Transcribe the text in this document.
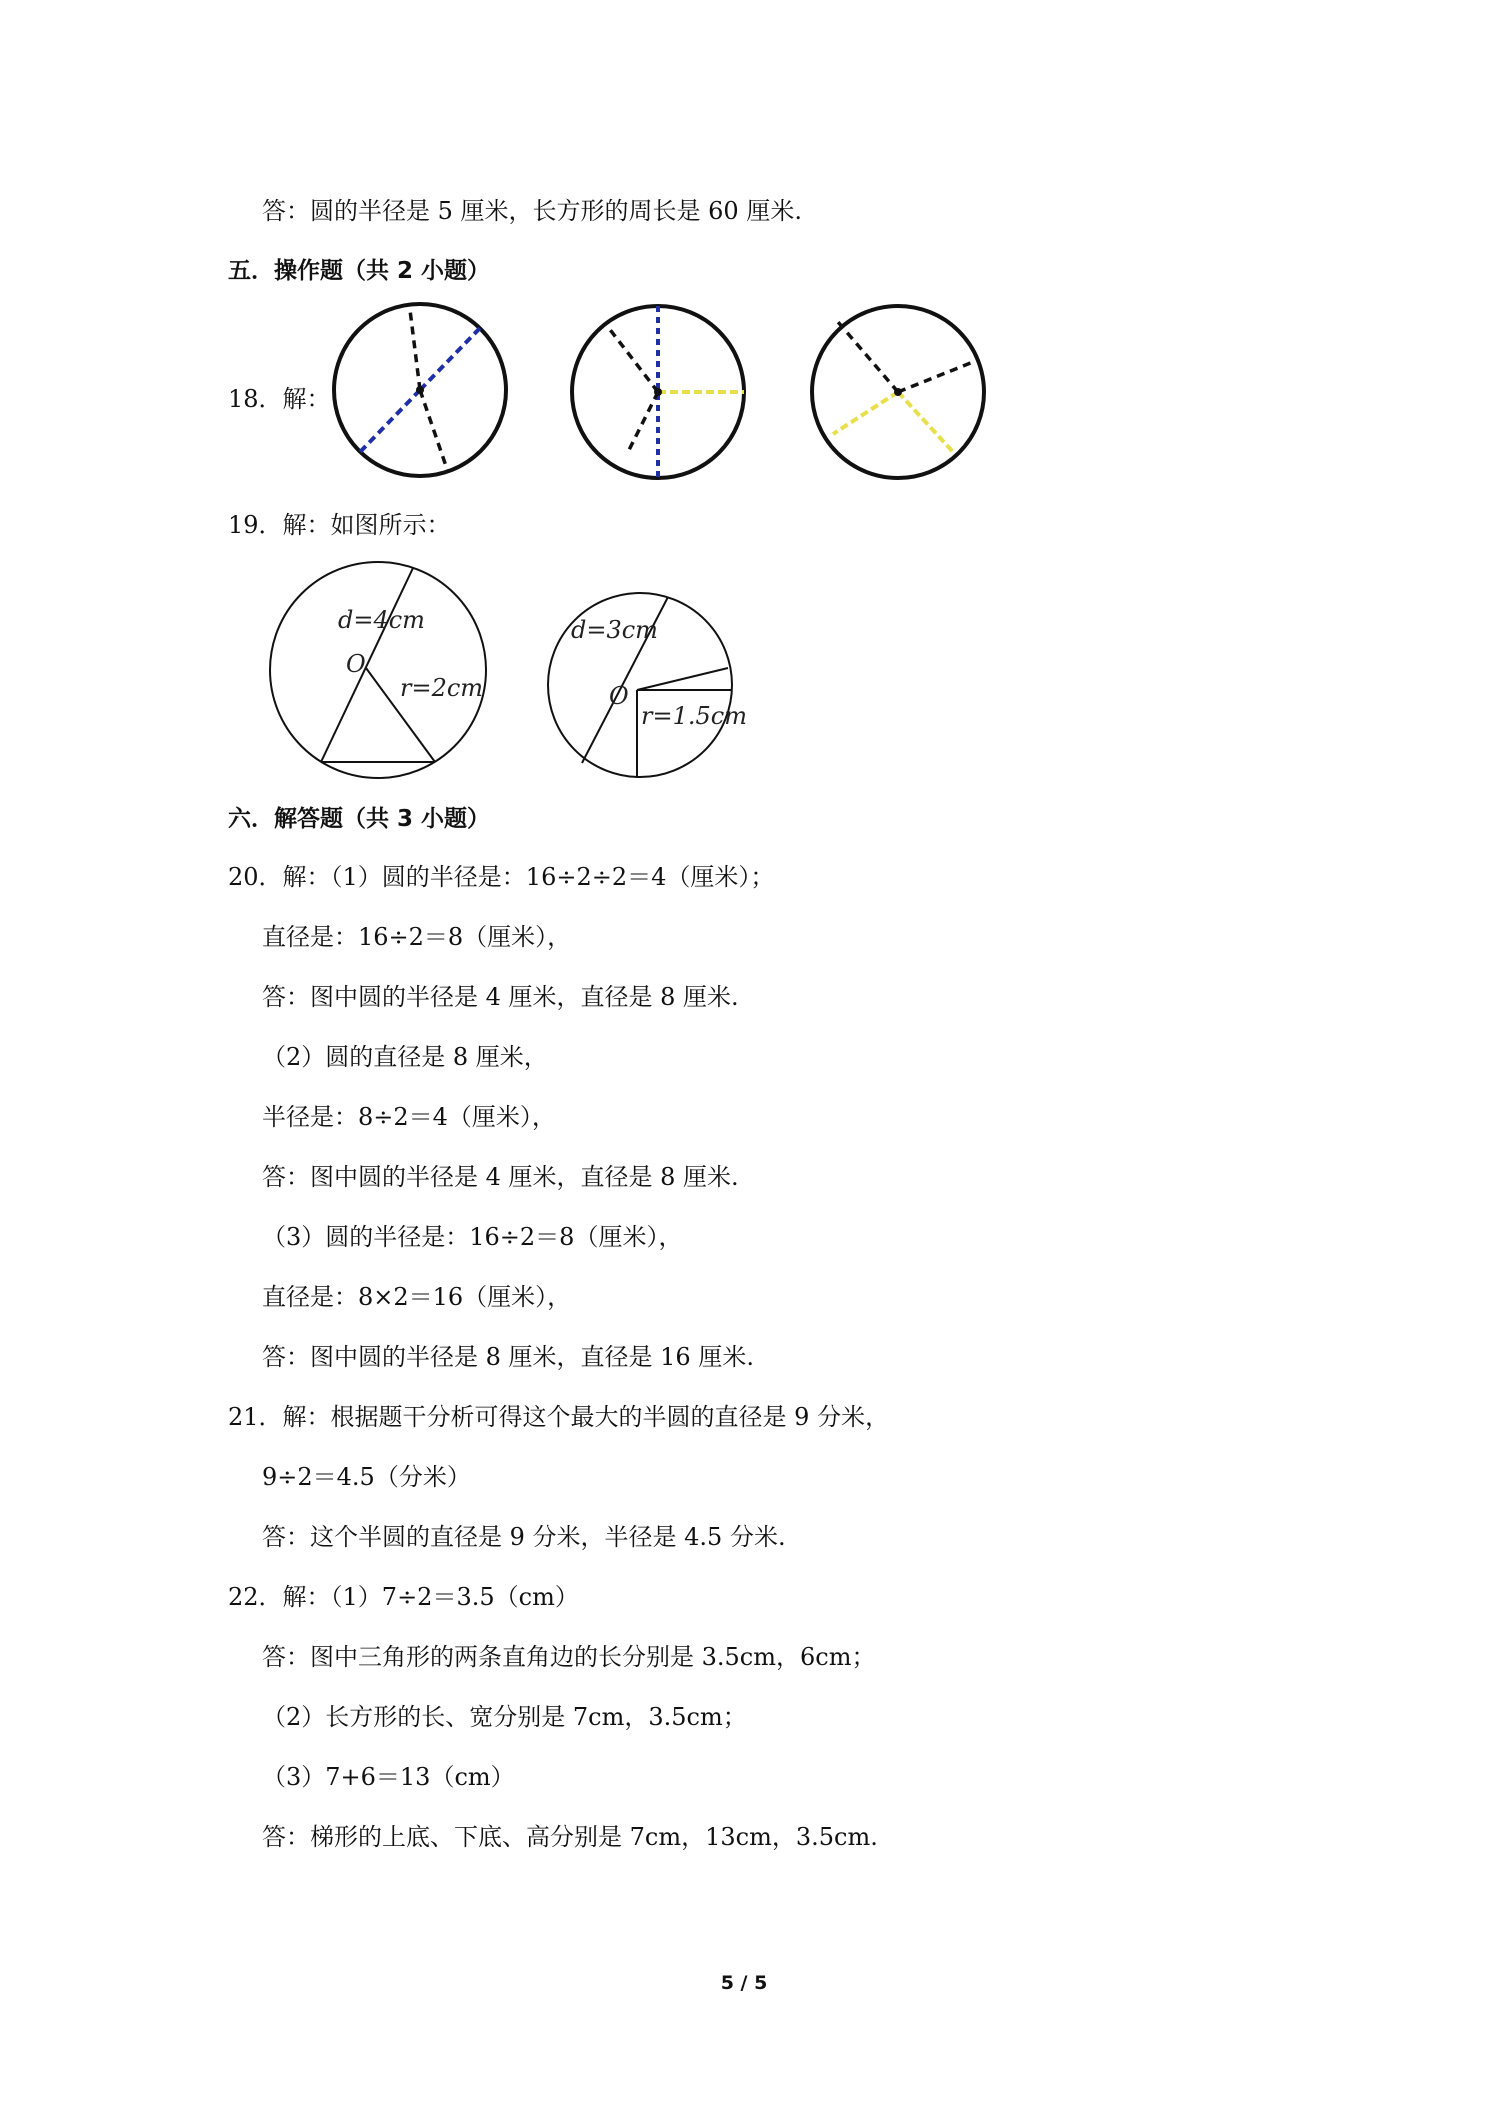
答：圆的半径是 5 厘米，长方形的周长是 60 厘米.
五．操作题（共 2 小题）
18．解：
19．解：如图所示：
d=4cm
O
r=2cm
d=3cm
O
r=1.5cm
六．解答题（共 3 小题）
20．解：（1）圆的半径是：16÷2÷2＝4（厘米）；
直径是：16÷2＝8（厘米），
答：图中圆的半径是 4 厘米，直径是 8 厘米.
（2）圆的直径是 8 厘米，
半径是：8÷2＝4（厘米），
答：图中圆的半径是 4 厘米，直径是 8 厘米.
（3）圆的半径是：16÷2＝8（厘米），
直径是：8×2＝16（厘米），
答：图中圆的半径是 8 厘米，直径是 16 厘米.
21．解：根据题干分析可得这个最大的半圆的直径是 9 分米，
9÷2＝4.5（分米）
答：这个半圆的直径是 9 分米，半径是 4.5 分米.
22．解：（1）7÷2＝3.5（cm）
答：图中三角形的两条直角边的长分别是 3.5cm，6cm；
（2）长方形的长、宽分别是 7cm，3.5cm；
（3）7+6＝13（cm）
答：梯形的上底、下底、高分别是 7cm，13cm，3.5cm.
5 / 5
